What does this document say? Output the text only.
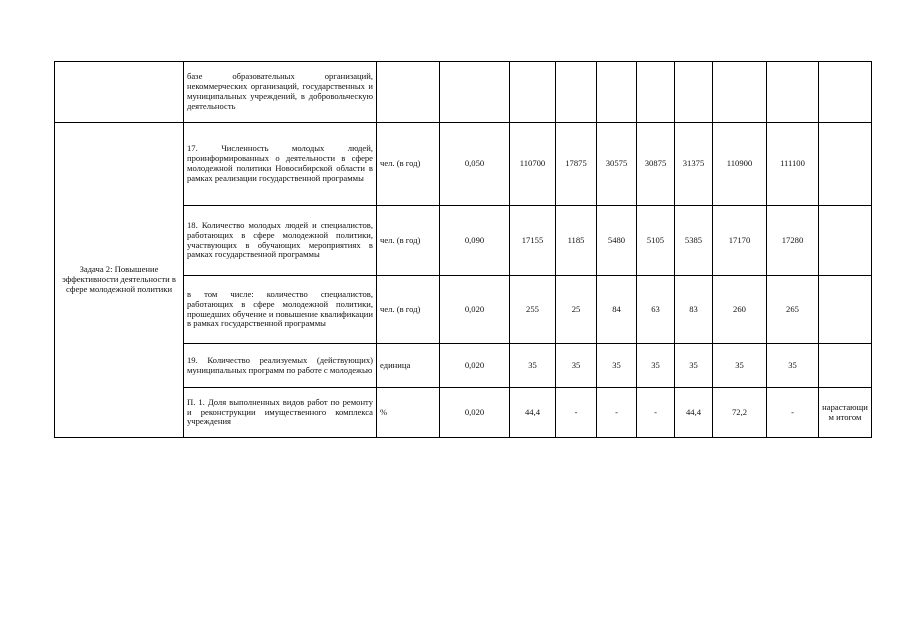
	базе образовательных организаций, некоммерческих организаций, государственных и муниципальных учреждений, в добровольческую деятельность										
Задача 2: Повышение эффективности деятельности в сфере молодежной политики	17. Численность молодых людей, проинформированных о деятельности в сфере молодежной политики Новосибирской области в рамках реализации государственной программы	чел. (в год)	0,050	110700	17875	30575	30875	31375	110900	111100	
	18. Количество молодых людей и специалистов, работающих в сфере молодежной политики, участвующих в обучающих мероприятиях в рамках государственной программы	чел. (в год)	0,090	17155	1185	5480	5105	5385	17170	17280	
	в том числе: количество специалистов, работающих в сфере молодежной политики, прошедших обучение и повышение квалификации в рамках государственной программы	чел. (в год)	0,020	255	25	84	63	83	260	265	
	19. Количество реализуемых (действующих) муниципальных программ по работе с молодежью	единица	0,020	35	35	35	35	35	35	35	
	П. 1. Доля выполненных видов работ по ремонту и реконструкции имущественного комплекса учреждения	%	0,020	44,4	-	-	-	44,4	72,2	-	нарастающим итогом
